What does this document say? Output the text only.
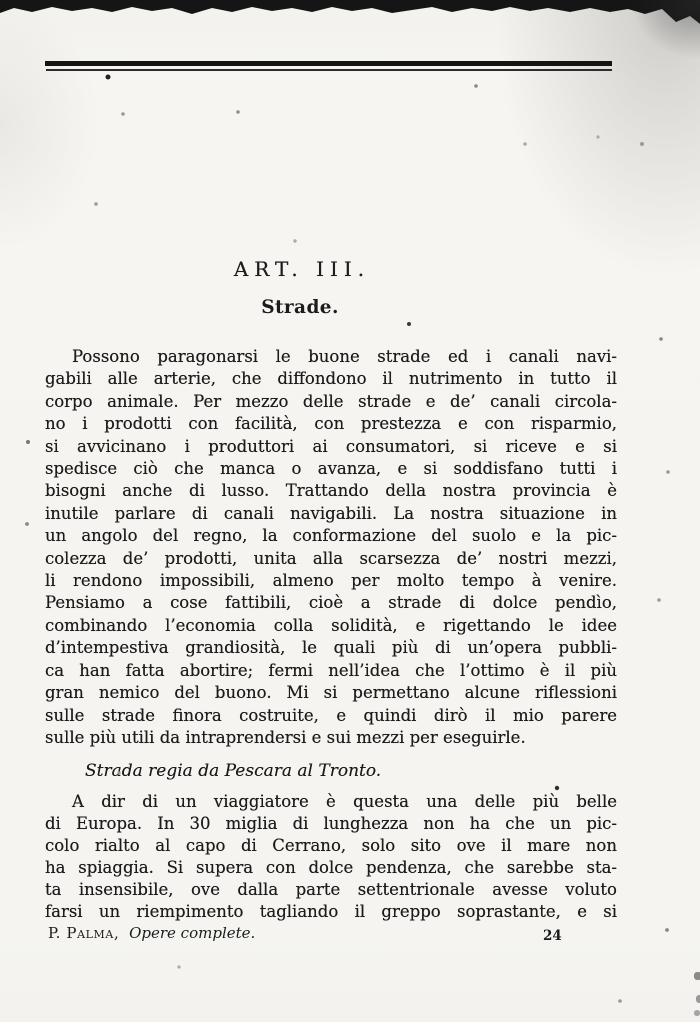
ART. III.
Strade.
Possono paragonarsi le buone strade ed i canali navi-
gabili alle arterie, che diffondono il nutrimento in tutto il
corpo animale. Per mezzo delle strade e de’ canali circola-
no i prodotti con facilità, con prestezza e con risparmio,
si avvicinano i produttori ai consumatori, si riceve e si
spedisce ciò che manca o avanza, e si soddisfano tutti i
bisogni anche di lusso. Trattando della nostra provincia è
inutile parlare di canali navigabili. La nostra situazione in
un angolo del regno, la conformazione del suolo e la pic-
colezza de’ prodotti, unita alla scarsezza de’ nostri mezzi,
li rendono impossibili, almeno per molto tempo à venire.
Pensiamo a cose fattibili, cioè a strade di dolce pendìo,
combinando l’economia colla solidità, e rigettando le idee
d’intempestiva grandiosità, le quali più di un’opera pubbli-
ca han fatta abortire; fermi nell’idea che l’ottimo è il più
gran nemico del buono. Mi si permettano alcune riflessioni
sulle strade finora costruite, e quindi dirò il mio parere
sulle più utili da intraprendersi e sui mezzi per eseguirle.
Strada regia da Pescara al Tronto.
A dir di un viaggiatore è questa una delle più belle
di Europa. In 30 miglia di lunghezza non ha che un pic-
colo rialto al capo di Cerrano, solo sito ove il mare non
ha spiaggia. Si supera con dolce pendenza, che sarebbe sta-
ta insensibile, ove dalla parte settentrionale avesse voluto
farsi un riempimento tagliando il greppo soprastante, e si
P. Palma, Opere complete.	24
